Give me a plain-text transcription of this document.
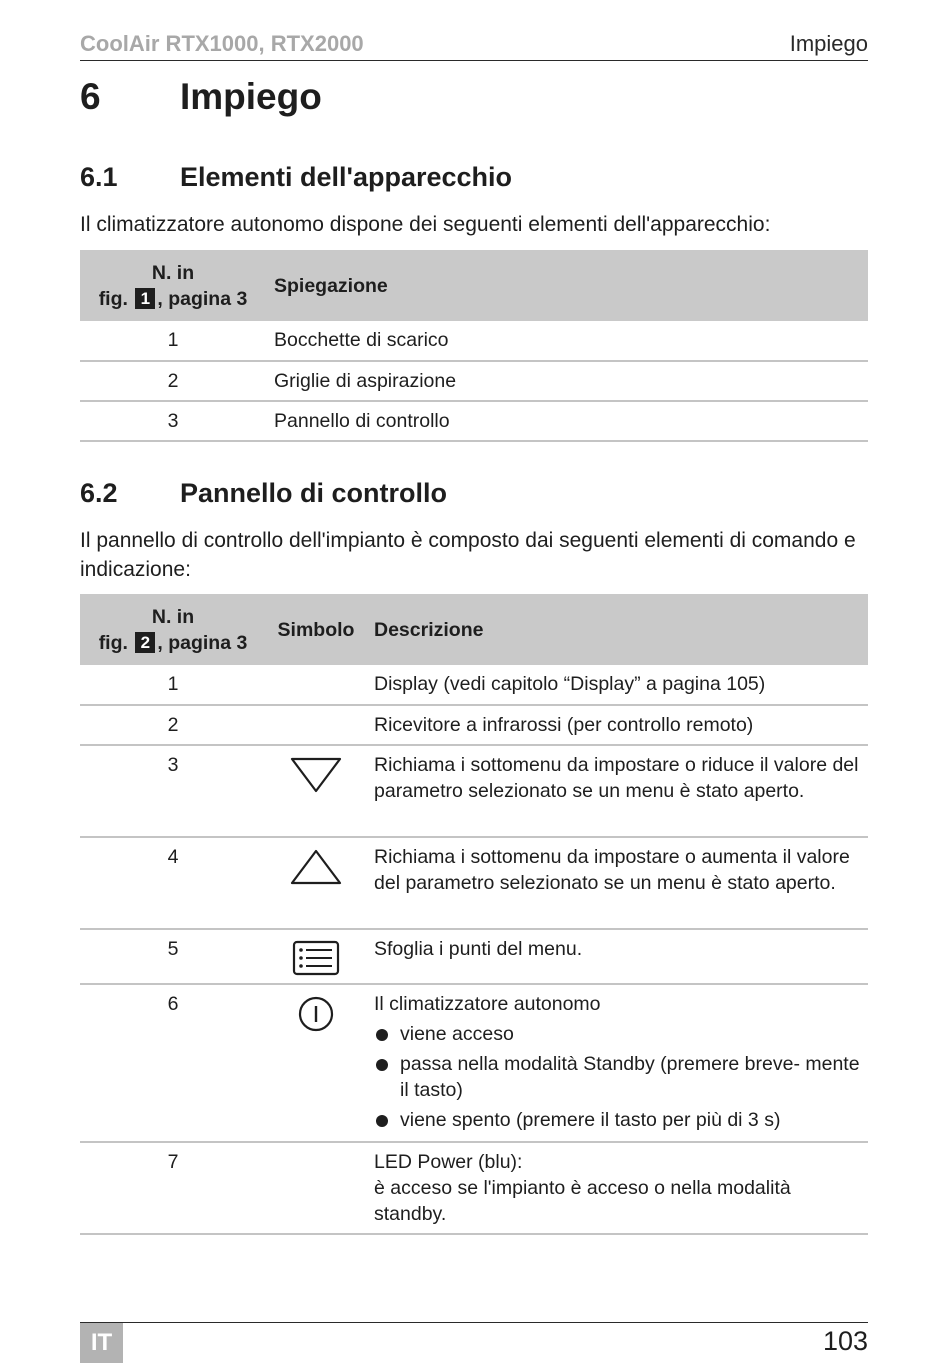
CoolAir RTX1000, RTX2000	Impiego
6 Impiego
6.1 Elementi dell'apparecchio
Il climatizzatore autonomo dispone dei seguenti elementi dell'apparecchio:
N. in
fig. 1 , pagina 3	Spiegazione
1	Bocchette di scarico
2	Griglie di aspirazione
3	Pannello di controllo
6.2 Pannello di controllo
Il pannello di controllo dell'impianto è composto dai seguenti elementi di comando e indicazione:
N. in
fig. 2 , pagina 3	Simbolo	Descrizione
1		Display (vedi capitolo “Display” a pagina 105)
2		Ricevitore a infrarossi (per controllo remoto)
3		Richiama i sottomenu da impostare o riduce il valore del parametro selezionato se un menu è stato aperto.
4		Richiama i sottomenu da impostare o aumenta il valore del parametro selezionato se un menu è stato aperto.
5		Sfoglia i punti del menu.
6		Il climatizzatore autonomo
viene acceso
passa nella modalità Standby (premere breve- mente il tasto)
viene spento (premere il tasto per più di 3 s)

7		LED Power (blu):
è acceso se l'impianto è acceso o nella modalità standby.
IT	103
